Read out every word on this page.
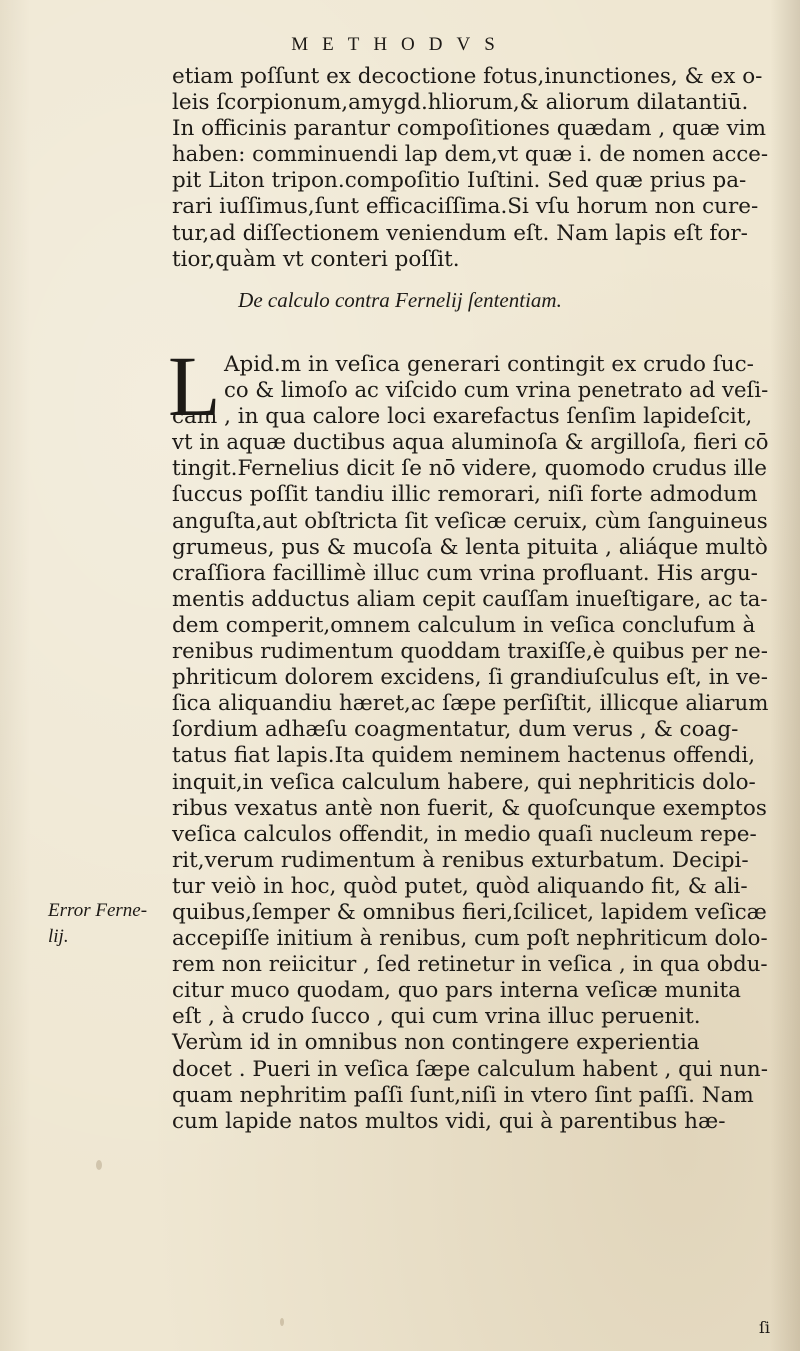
METHODVS
etiam poſſunt ex decoctione fotus,inunctiones, & ex o-
leis ſcorpionum,amygd.hliorum,& aliorum dilatantiū.
In officinis parantur compoſitiones quædam , quæ vim
haben: comminuendi lap dem,vt quæ i. de nomen acce-
pit Liton tripon.compoſitio Iuſtini. Sed quæ prius pa-
rari iuſſimus,ſunt efficaciſſima.Si vſu horum non cure-
tur,ad diſſectionem veniendum eſt. Nam lapis eſt for-
tior,quàm vt conteri poſſit.
De calculo contra Fernelij ſententiam.
L Apid.m in veſica generari contingit ex crudo ſuc-
co & limoſo ac viſcido cum vrina penetrato ad veſi-
cam , in qua calore loci exarefactus ſenſim lapideſcit,
vt in aquæ ductibus aqua aluminoſa & argilloſa, fieri cō
tingit.Fernelius dicit ſe nō videre, quomodo crudus ille
ſuccus poſſit tandiu illic remorari, niſi forte admodum
anguſta,aut obſtricta ſit veſicæ ceruix, cùm ſanguineus
grumeus, pus & mucoſa & lenta pituita , aliáque multò
craſſiora facillimè illuc cum vrina profluant. His argu-
mentis adductus aliam cepit cauſſam inueſtigare, ac ta-
dem comperit,omnem calculum in veſica conclufum à
renibus rudimentum quoddam traxiſſe,è quibus per ne-
phriticum dolorem excidens, ſi grandiuſculus eſt, in ve-
ſica aliquandiu hæret,ac ſæpe perſiſtit, illicque aliarum
ſordium adhæſu coagmentatur, dum verus , & coag-
tatus fiat lapis.Ita quidem neminem hactenus offendi,
inquit,in veſica calculum habere, qui nephriticis dolo-
ribus vexatus antè non fuerit, & quoſcunque exemptos
veſica calculos offendit, in medio quaſi nucleum repe-
rit,verum rudimentum à renibus exturbatum. Decipi-
tur veiò in hoc, quòd putet, quòd aliquando fit, & ali-
quibus,ſemper & omnibus fieri,ſcilicet, lapidem veſicæ
accepiſſe initium à renibus, cum poſt nephriticum dolo-
rem non reiicitur , ſed retinetur in veſica , in qua obdu-
citur muco quodam, quo pars interna veſicæ munita
eſt , à crudo ſucco , qui cum vrina illuc peruenit.
Verùm id in omnibus non contingere experientia
docet . Pueri in veſica ſæpe calculum habent , qui nun-
quam nephritim paſſi ſunt,niſi in vtero ſint paſſi. Nam
cum lapide natos multos vidi, qui à parentibus hæ-
Error Ferne-
lij.
ſi
